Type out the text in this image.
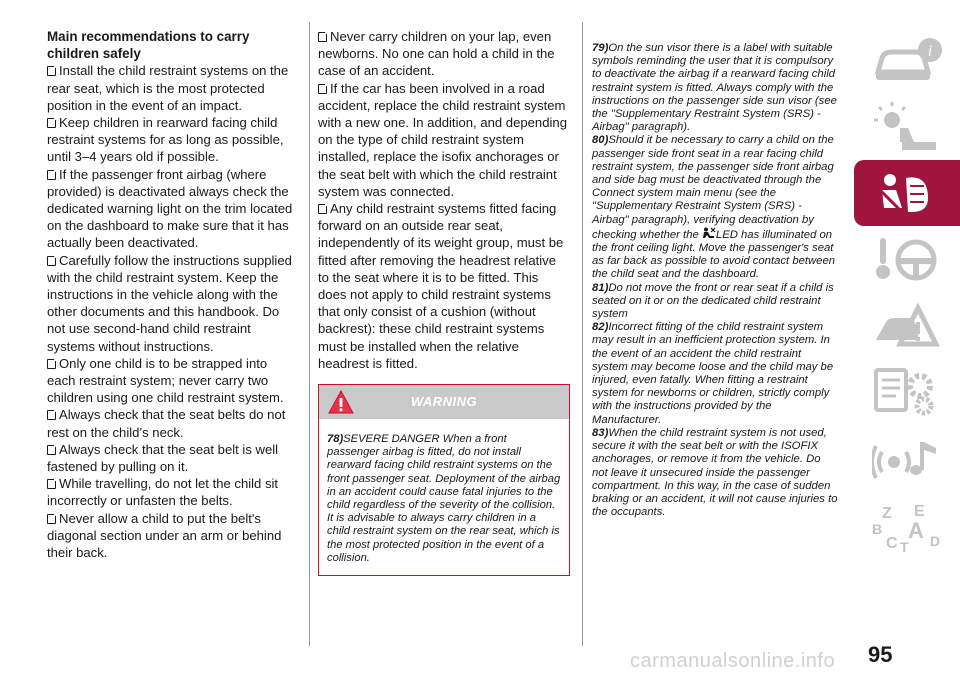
Main recommendations to carry children safely

Install the child restraint systems on the rear seat, which is the most protected position in the event of an impact.

Keep children in rearward facing child restraint systems for as long as possible, until 3–4 years old if possible.

If the passenger front airbag (where provided) is deactivated always check the dedicated warning light on the trim located on the dashboard to make sure that it has actually been deactivated.

Carefully follow the instructions supplied with the child restraint system. Keep the instructions in the vehicle along with the other documents and this handbook. Do not use second-hand child restraint systems without instructions.

Only one child is to be strapped into each restraint system; never carry two children using one child restraint system.

Always check that the seat belts do not rest on the child’s neck.

Always check that the seat belt is well fastened by pulling on it.

While travelling, do not let the child sit incorrectly or unfasten the belts.

Never allow a child to put the belt's diagonal section under an arm or behind their back.

Never carry children on your lap, even newborns. No one can hold a child in the case of an accident.

If the car has been involved in a road accident, replace the child restraint system with a new one. In addition, and depending on the type of child restraint system installed, replace the isofix anchorages or the seat belt with which the child restraint system was connected.

Any child restraint systems fitted facing forward on an outside rear seat, independently of its weight group, must be fitted after removing the headrest relative to the seat where it is to be fitted. This does not apply to child restraint systems that only consist of a cushion (without backrest): these child restraint systems must be installed when the relative headrest is fitted.

WARNING

78)SEVERE DANGER When a front passenger airbag is fitted, do not install rearward facing child restraint systems on the front passenger seat. Deployment of the airbag in an accident could cause fatal injuries to the child regardless of the severity of the collision. It is advisable to always carry children in a child restraint system on the rear seat, which is the most protected position in the event of a collision.

79)On the sun visor there is a label with suitable symbols reminding the user that it is compulsory to deactivate the airbag if a rearward facing child restraint system is fitted. Always comply with the instructions on the passenger side sun visor (see the "Supplementary Restraint System (SRS) - Airbag" paragraph).

80)Should it be necessary to carry a child on the passenger side front seat in a rear facing child restraint system, the passenger side front airbag and side bag must be deactivated through the Connect system main menu (see the "Supplementary Restraint System (SRS) - Airbag" paragraph), verifying deactivation by checking whether the LED has illuminated on the front ceiling light. Move the passenger's seat as far back as possible to avoid contact between the child seat and the dashboard.

81)Do not move the front or rear seat if a child is seated on it or on the dedicated child restraint system

82)Incorrect fitting of the child restraint system may result in an inefficient protection system. In the event of an accident the child restraint system may become loose and the child may be injured, even fatally. When fitting a restraint system for newborns or children, strictly comply with the instructions provided by the Manufacturer.

83)When the child restraint system is not used, secure it with the seat belt or with the ISOFIX anchorages, or remove it from the vehicle. Do not leave it unsecured inside the passenger compartment. In this way, in the case of sudden braking or an accident, it will not cause injuries to the occupants.

i
Z E
B A
C T D
95
carmanualsonline.info
